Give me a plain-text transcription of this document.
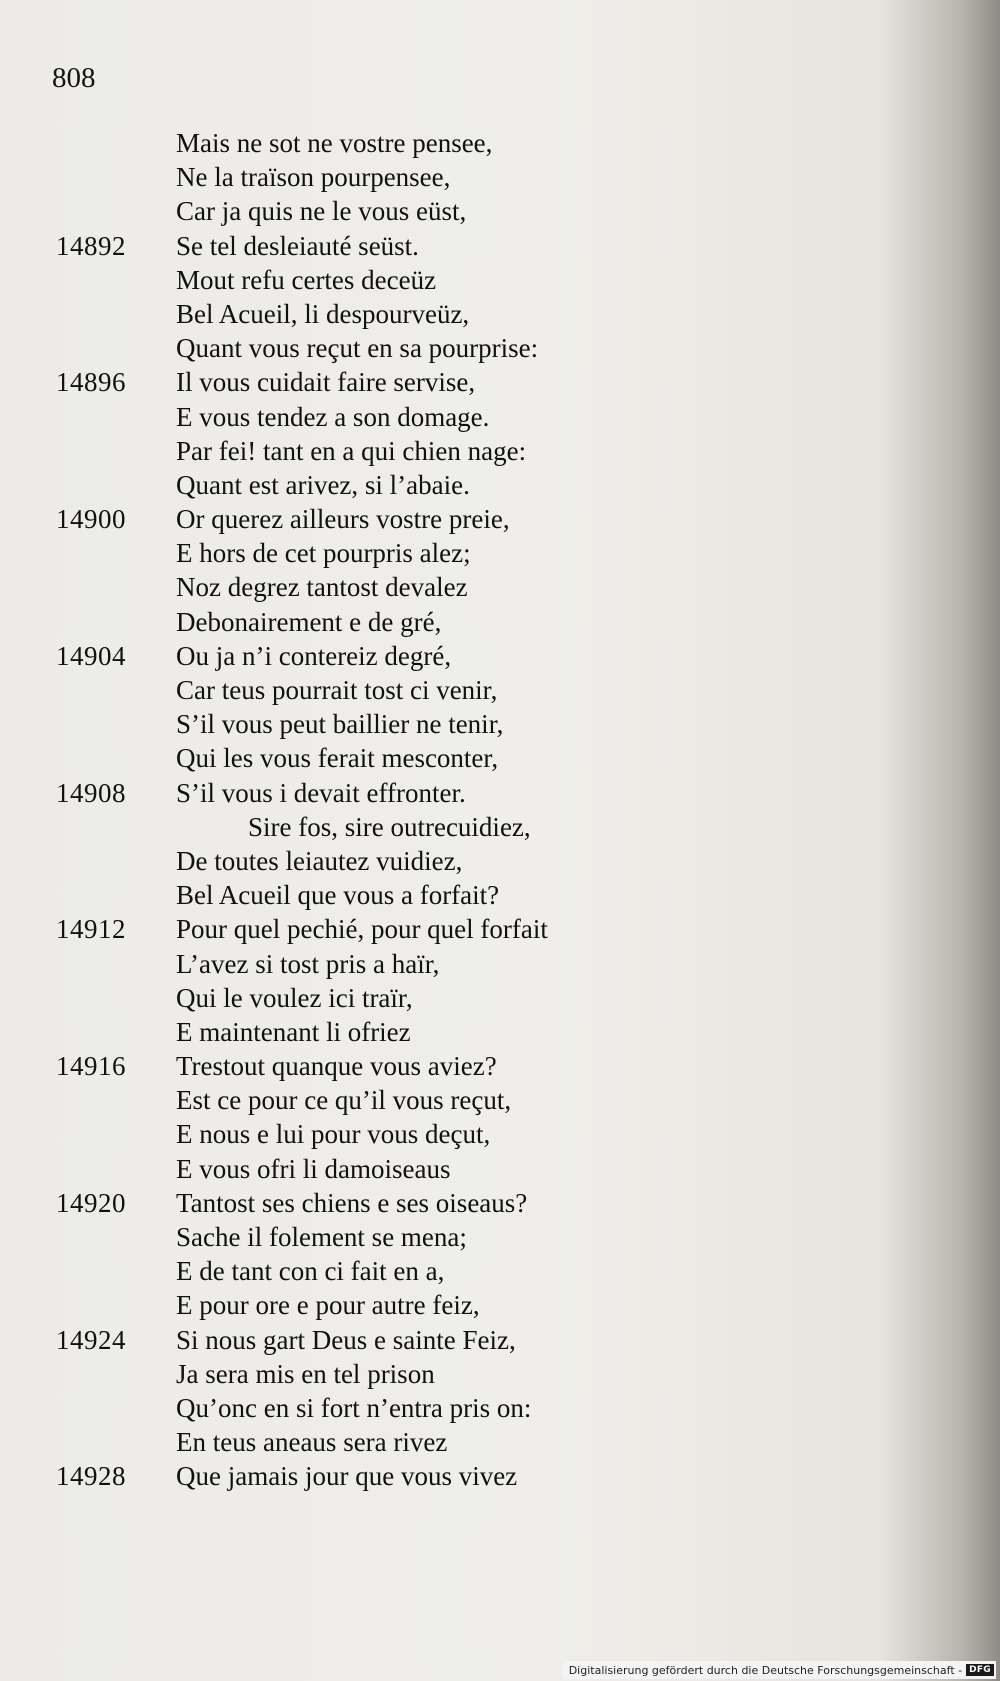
808
Mais ne sot ne vostre pensee,
Ne la traïson pourpensee,
Car ja quis ne le vous eüst,
14892	Se tel desleiauté seüst.
Mout refu certes deceüz
Bel Acueil, li despourveüz,
Quant vous reçut en sa pourprise:
14896	Il vous cuidait faire servise,
E vous tendez a son domage.
Par fei! tant en a qui chien nage:
Quant est arivez, si l’abaie.
14900	Or querez ailleurs vostre preie,
E hors de cet pourpris alez;
Noz degrez tantost devalez
Debonairement e de gré,
14904	Ou ja n’i contereiz degré,
Car teus pourrait tost ci venir,
S’il vous peut baillier ne tenir,
Qui les vous ferait mesconter,
14908	S’il vous i devait effronter.
Sire fos, sire outrecuidiez,
De toutes leiautez vuidiez,
Bel Acueil que vous a forfait?
14912	Pour quel pechié, pour quel forfait
L’avez si tost pris a haïr,
Qui le voulez ici traïr,
E maintenant li ofriez
14916	Trestout quanque vous aviez?
Est ce pour ce qu’il vous reçut,
E nous e lui pour vous deçut,
E vous ofri li damoiseaus
14920	Tantost ses chiens e ses oiseaus?
Sache il folement se mena;
E de tant con ci fait en a,
E pour ore e pour autre feiz,
14924	Si nous gart Deus e sainte Feiz,
Ja sera mis en tel prison
Qu’onc en si fort n’entra pris on:
En teus aneaus sera rivez
14928	Que jamais jour que vous vivez
Digitalisierung gefördert durch die Deutsche Forschungsgemeinschaft - DFG
